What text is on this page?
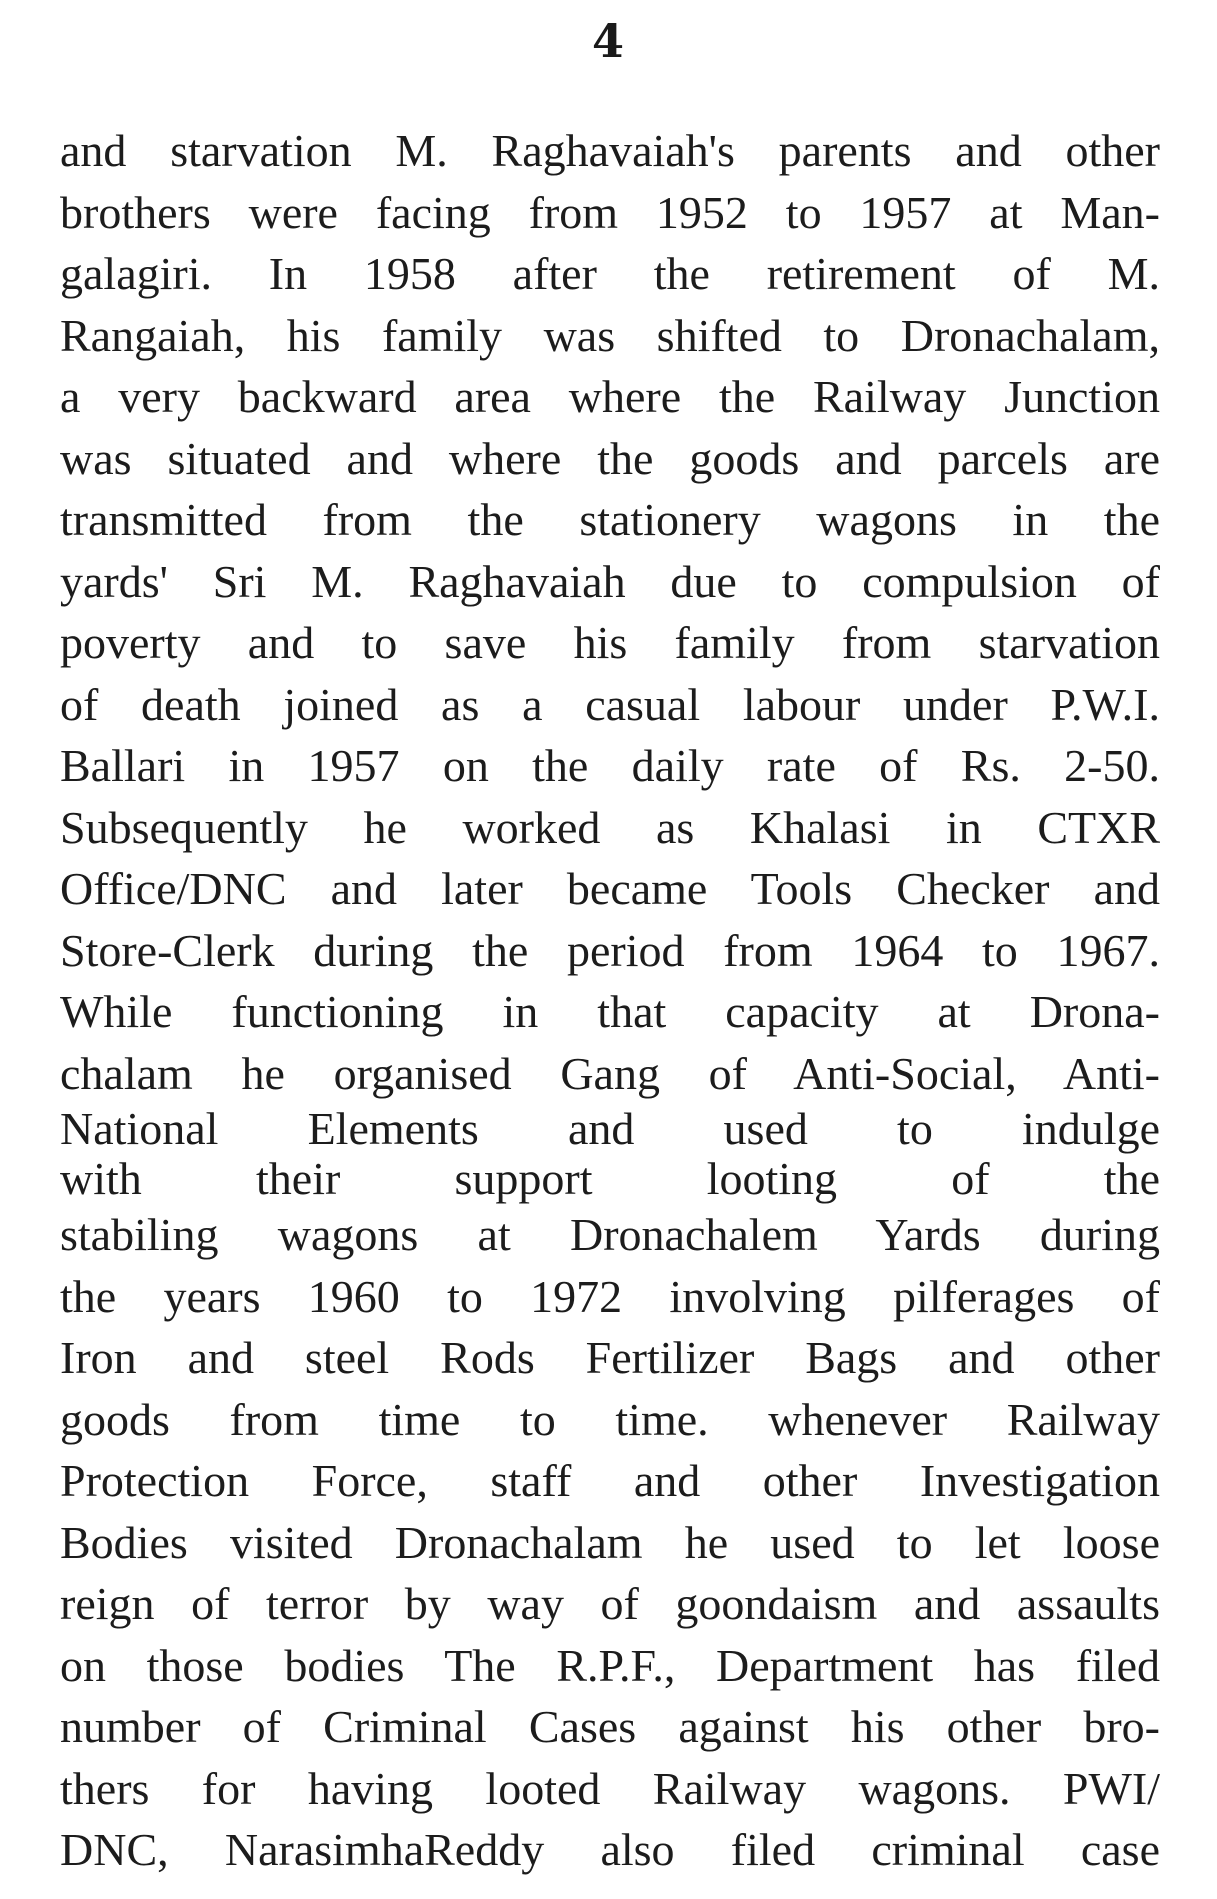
4
and starvation M. Raghavaiah's parents and other
brothers were facing from 1952 to 1957 at Man-
galagiri. In 1958 after the retirement of M.
Rangaiah, his family was shifted to Dronachalam,
a very backward area where the Railway Junction
was situated and where the goods and parcels are
transmitted from the stationery wagons in the
yards' Sri M. Raghavaiah due to compulsion of
poverty and to save his family from starvation
of death joined as a casual labour under P.W.I.
Ballari in 1957 on the daily rate of Rs. 2-50.
Subsequently he worked as Khalasi in CTXR
Office/DNC and later became Tools Checker and
Store-Clerk during the period from 1964 to 1967.
While functioning in that capacity at Drona-
chalam he organised Gang of Anti-Social, Anti-
National Elements and used to indulge
with their support looting of the
stabiling wagons at Dronachalem Yards during
the years 1960 to 1972 involving pilferages of
Iron and steel Rods Fertilizer Bags and other
goods from time to time. whenever Railway
Protection Force, staff and other Investigation
Bodies visited Dronachalam he used to let loose
reign of terror by way of goondaism and assaults
on those bodies The R.P.F., Department has filed
number of Criminal Cases against his other bro-
thers for having looted Railway wagons. PWI/
DNC, NarasimhaReddy also filed criminal case
